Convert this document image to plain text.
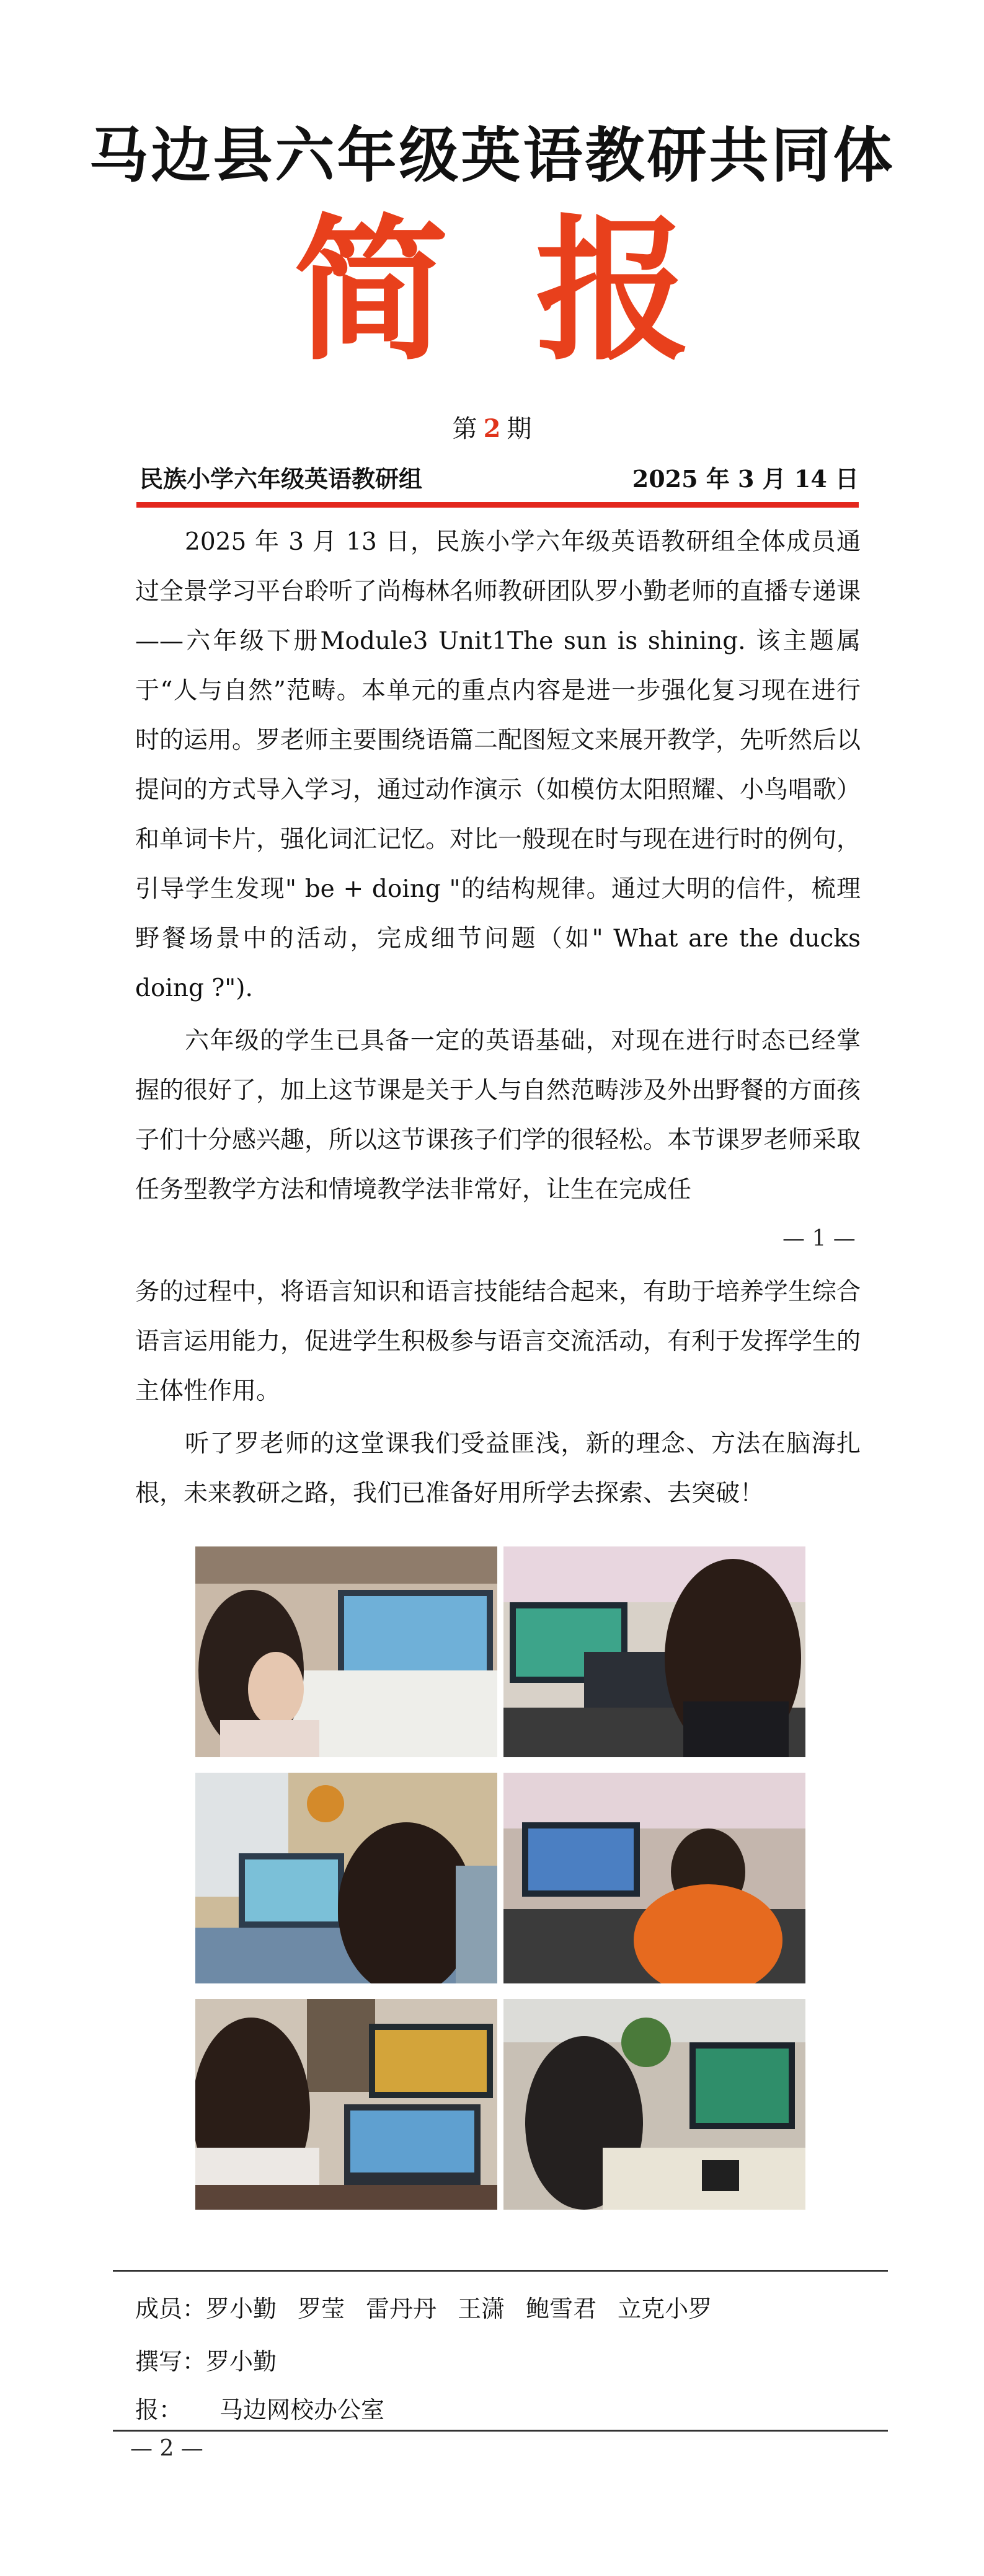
马边县六年级英语教研共同体
简报
第 2 期
民族小学六年级英语教研组	2025 年 3 月 14 日

2025 年 3 月 13 日，民族小学六年级英语教研组全体成员通过全景学习平台聆听了尚梅林名师教研团队罗小勤老师的直播专递课——六年级下册Module3 Unit1The sun is shining. 该主题属于“人与自然”范畴。本单元的重点内容是进一步强化复习现在进行时的运用。罗老师主要围绕语篇二配图短文来展开教学，先听然后以提问的方式导入学习，通过动作演示（如模仿太阳照耀、小鸟唱歌）和单词卡片，强化词汇记忆。对比一般现在时与现在进行时的例句，引导学生发现" be + doing "的结构规律。通过大明的信件，梳理野餐场景中的活动，完成细节问题（如" What are the ducks doing ?").

六年级的学生已具备一定的英语基础，对现在进行时态已经掌握的很好了，加上这节课是关于人与自然范畴涉及外出野餐的方面孩子们十分感兴趣，所以这节课孩子们学的很轻松。本节课罗老师采取任务型教学方法和情境教学法非常好，让生在完成任

— 1 —

务的过程中，将语言知识和语言技能结合起来，有助于培养学生综合语言运用能力，促进学生积极参与语言交流活动，有利于发挥学生的主体性作用。

听了罗老师的这堂课我们受益匪浅，新的理念、方法在脑海扎根，未来教研之路，我们已准备好用所学去探索、去突破！

成员：罗小勤 罗莹 雷丹丹 王潇 鲍雪君 立克小罗
撰写：罗小勤
报： 马边网校办公室
— 2 —
